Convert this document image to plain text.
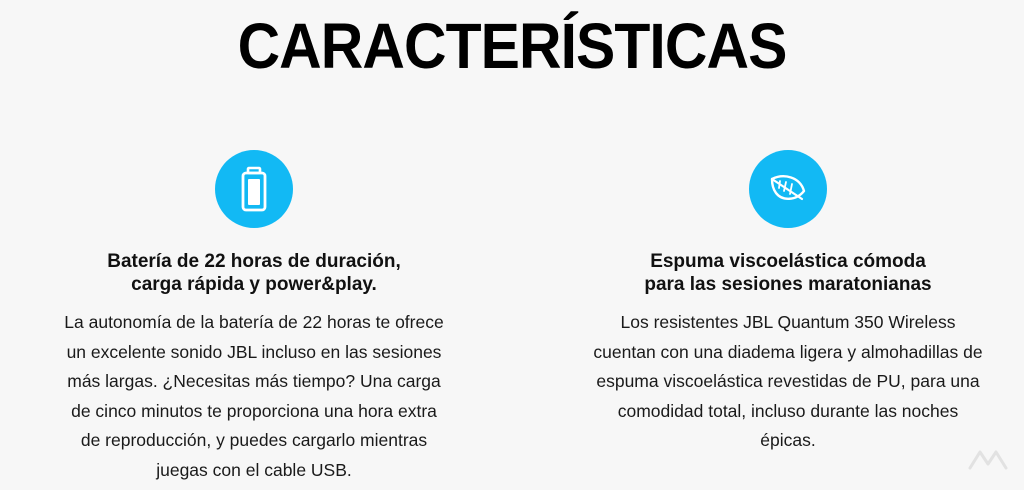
CARACTERÍSTICAS
Batería de 22 horas de duración,
carga rápida y power&play.
La autonomía de la batería de 22 horas te ofrece
un excelente sonido JBL incluso en las sesiones
más largas. ¿Necesitas más tiempo? Una carga
de cinco minutos te proporciona una hora extra
de reproducción, y puedes cargarlo mientras
juegas con el cable USB.
Espuma viscoelástica cómoda
para las sesiones maratonianas
Los resistentes JBL Quantum 350 Wireless
cuentan con una diadema ligera y almohadillas de
espuma viscoelástica revestidas de PU, para una
comodidad total, incluso durante las noches
épicas.
